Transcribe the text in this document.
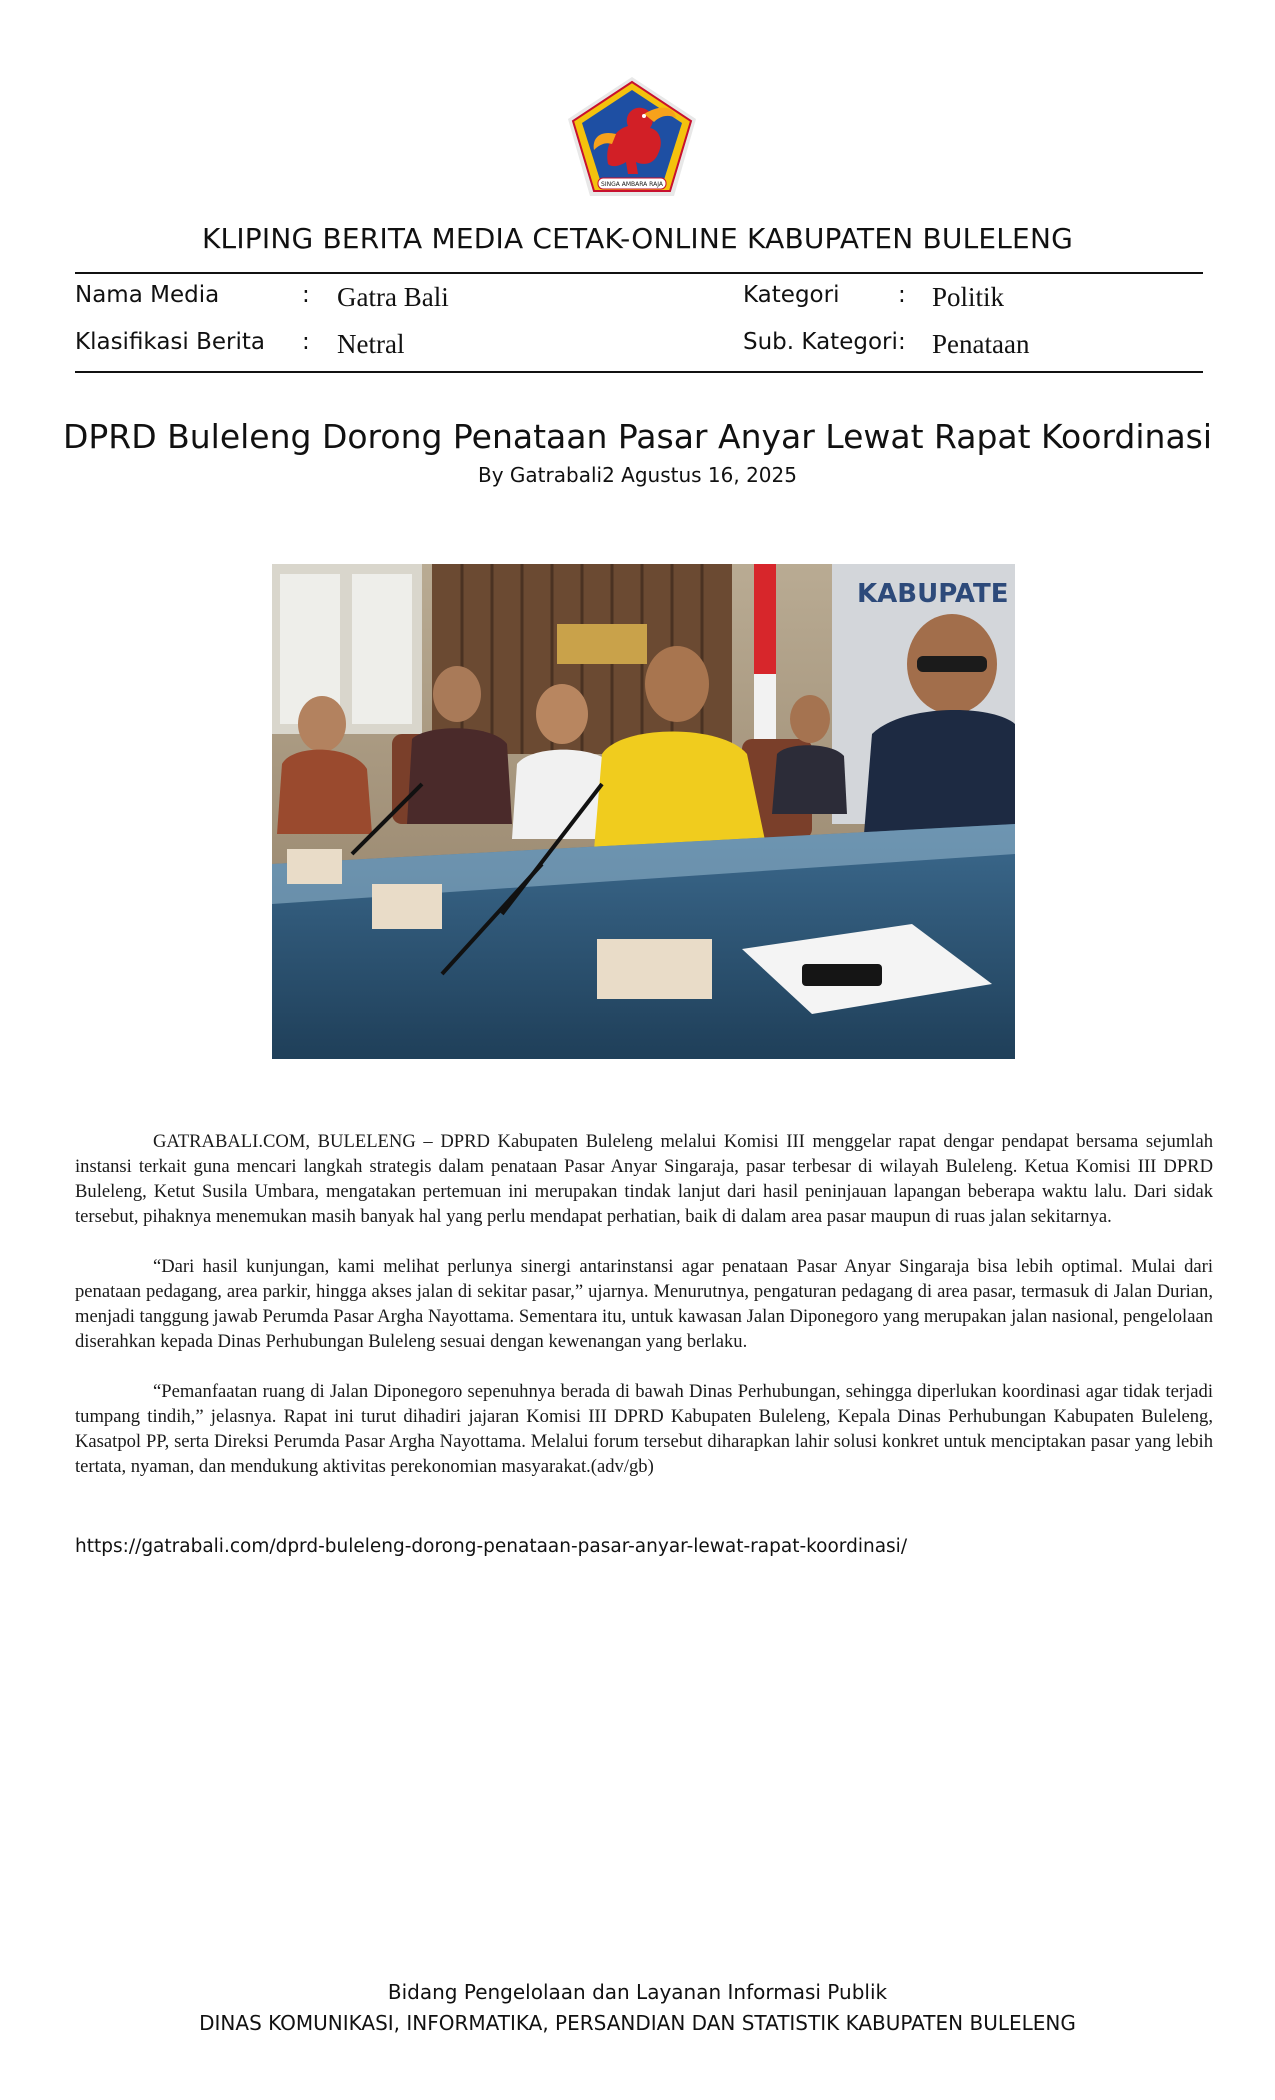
SINGA AMBARA RAJA
KLIPING BERITA MEDIA CETAK-ONLINE KABUPATEN BULELENG
Nama Media	: Gatra Bali	Kategori	: Politik
Klasifikasi Berita : Netral	Sub. Kategori : Penataan
DPRD Buleleng Dorong Penataan Pasar Anyar Lewat Rapat Koordinasi
By Gatrabali2 Agustus 16, 2025
KABUPATE

GATRABALI.COM, BULELENG – DPRD Kabupaten Buleleng melalui Komisi III menggelar rapat dengar pendapat bersama sejumlah instansi terkait guna mencari langkah strategis dalam penataan Pasar Anyar Singaraja, pasar terbesar di wilayah Buleleng. Ketua Komisi III DPRD Buleleng, Ketut Susila Umbara, mengatakan pertemuan ini merupakan tindak lanjut dari hasil peninjauan lapangan beberapa waktu lalu. Dari sidak tersebut, pihaknya menemukan masih banyak hal yang perlu mendapat perhatian, baik di dalam area pasar maupun di ruas jalan sekitarnya.

“Dari hasil kunjungan, kami melihat perlunya sinergi antarinstansi agar penataan Pasar Anyar Singaraja bisa lebih optimal. Mulai dari penataan pedagang, area parkir, hingga akses jalan di sekitar pasar,” ujarnya. Menurutnya, pengaturan pedagang di area pasar, termasuk di Jalan Durian, menjadi tanggung jawab Perumda Pasar Argha Nayottama. Sementara itu, untuk kawasan Jalan Diponegoro yang merupakan jalan nasional, pengelolaan diserahkan kepada Dinas Perhubungan Buleleng sesuai dengan kewenangan yang berlaku.

“Pemanfaatan ruang di Jalan Diponegoro sepenuhnya berada di bawah Dinas Perhubungan, sehingga diperlukan koordinasi agar tidak terjadi tumpang tindih,” jelasnya. Rapat ini turut dihadiri jajaran Komisi III DPRD Kabupaten Buleleng, Kepala Dinas Perhubungan Kabupaten Buleleng, Kasatpol PP, serta Direksi Perumda Pasar Argha Nayottama. Melalui forum tersebut diharapkan lahir solusi konkret untuk menciptakan pasar yang lebih tertata, nyaman, dan mendukung aktivitas perekonomian masyarakat.(adv/gb)

https://gatrabali.com/dprd-buleleng-dorong-penataan-pasar-anyar-lewat-rapat-koordinasi/
Bidang Pengelolaan dan Layanan Informasi Publik
DINAS KOMUNIKASI, INFORMATIKA, PERSANDIAN DAN STATISTIK KABUPATEN BULELENG
